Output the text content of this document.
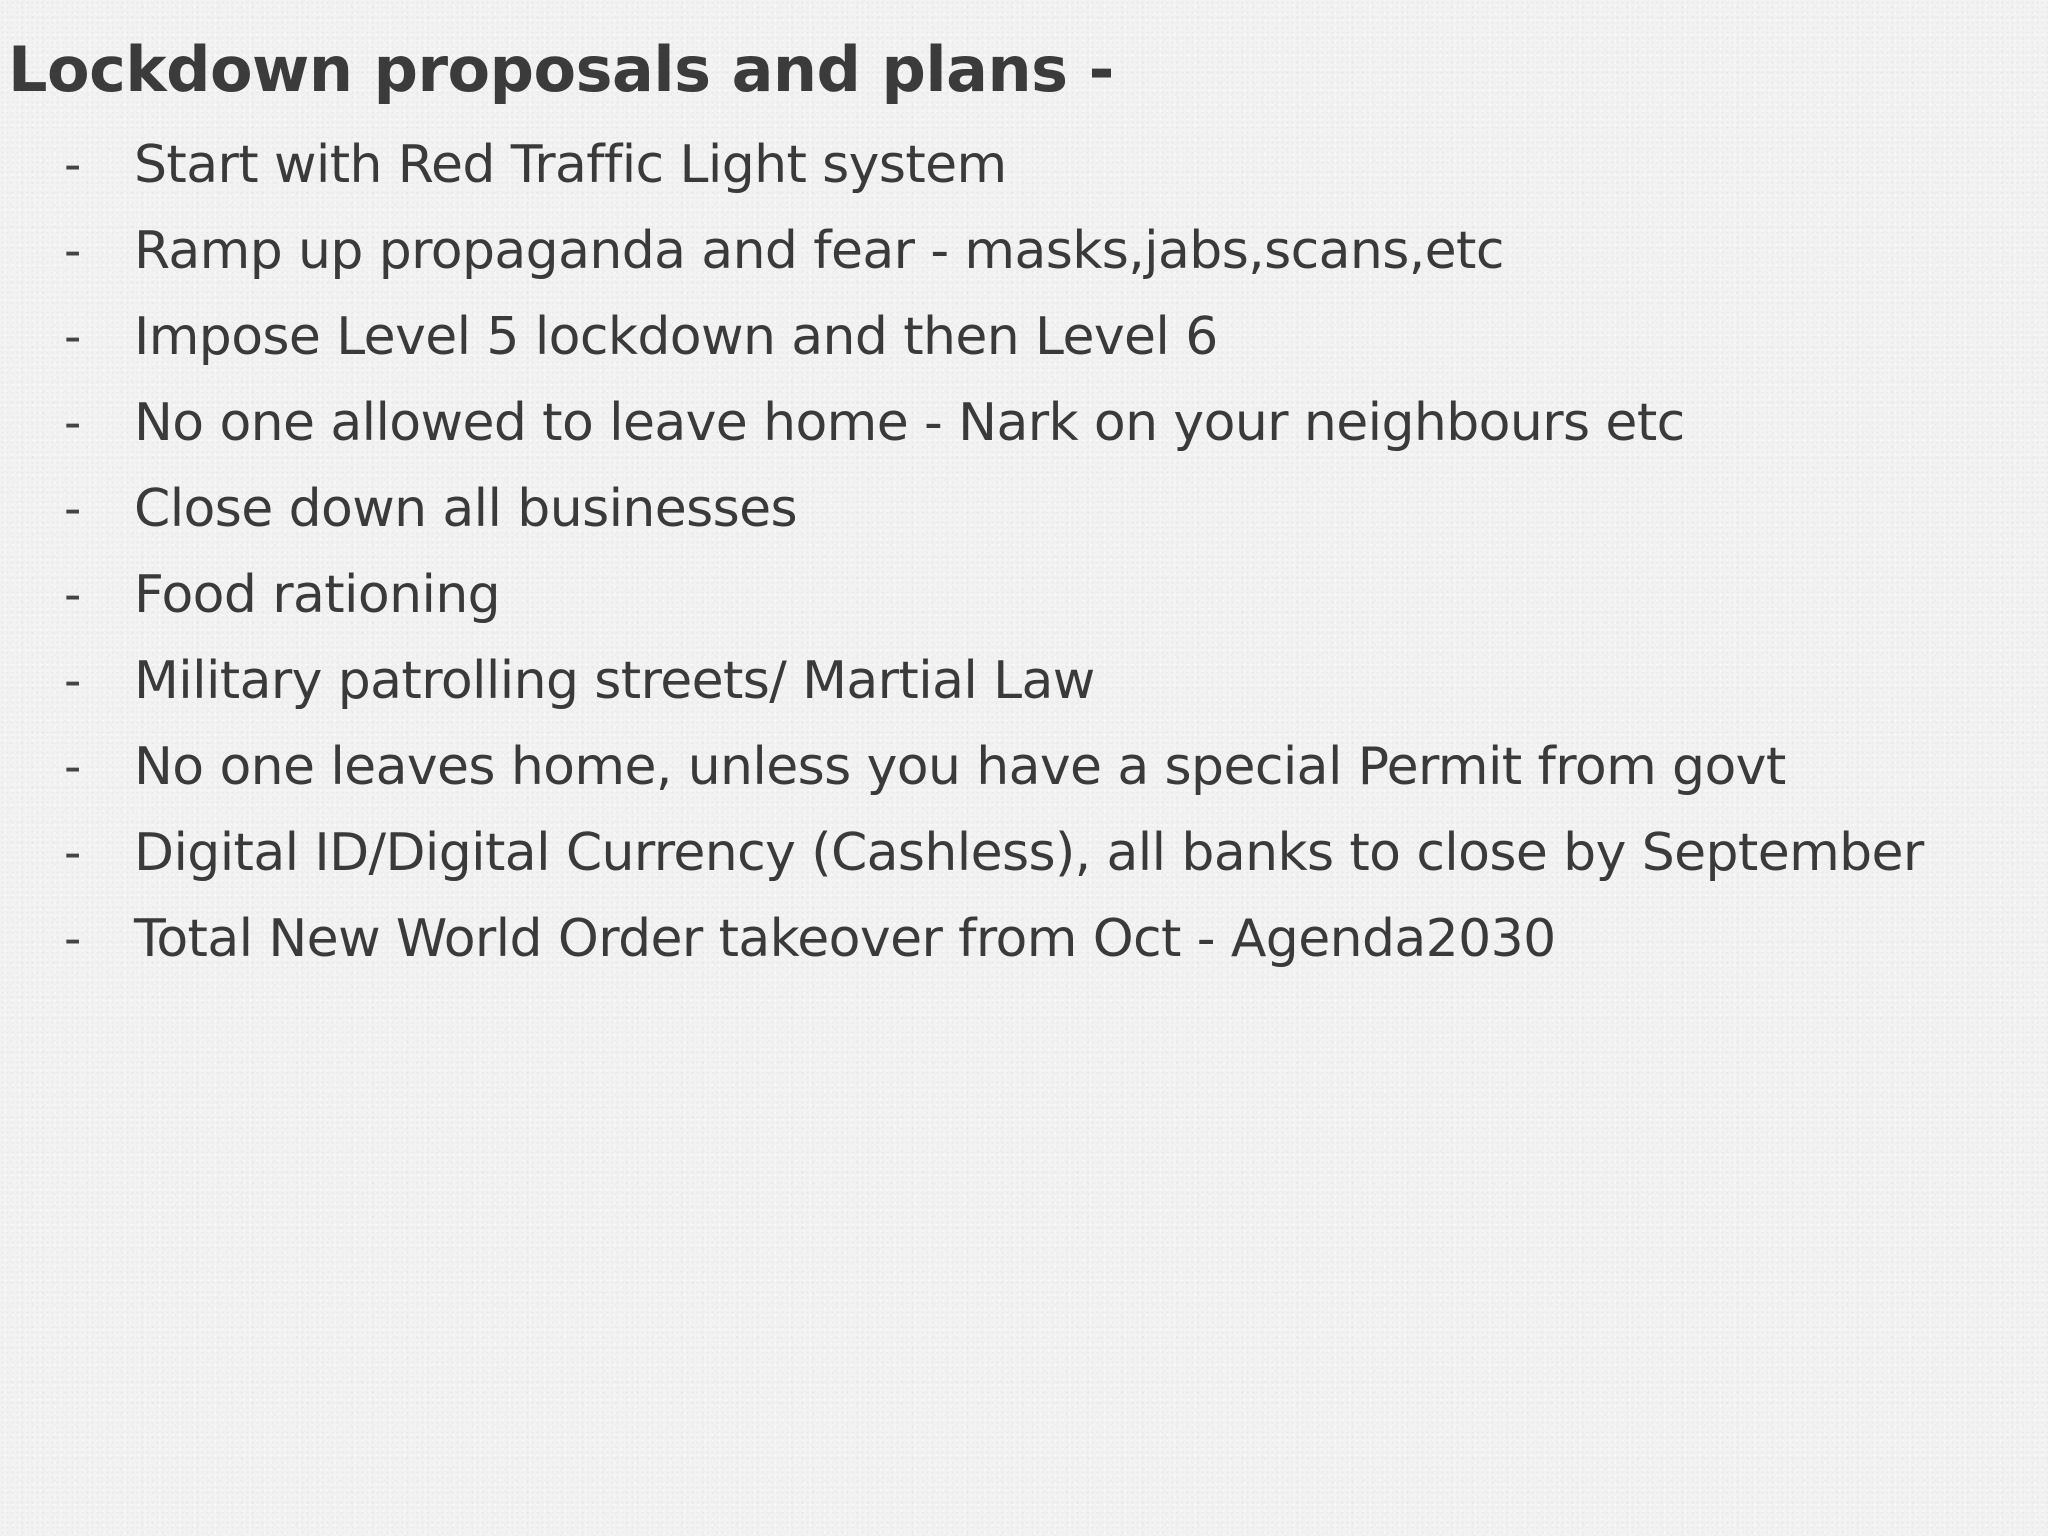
Lockdown proposals and plans -
- Start with Red Traffic Light system
- Ramp up propaganda and fear - masks,jabs,scans,etc
- Impose Level 5 lockdown and then Level 6
- No one allowed to leave home - Nark on your neighbours etc
- Close down all businesses
- Food rationing
- Military patrolling streets/ Martial Law
- No one leaves home, unless you have a special Permit from govt
- Digital ID/Digital Currency (Cashless), all banks to close by September
- Total New World Order takeover from Oct - Agenda2030
